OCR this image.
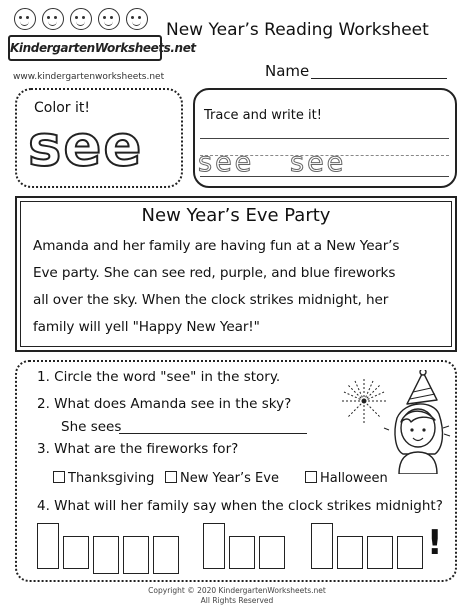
KindergartenWorksheets.net
www.kindergartenworksheets.net
New Year’s Reading Worksheet
Name
Color it!
see	Trace and write it!
see see
New Year’s Eve Party
Amanda and her family are having fun at a New Year’s
Eve party. She can see red, purple, and blue fireworks
all over the sky. When the clock strikes midnight, her
family will yell "Happy New Year!"
1. Circle the word "see" in the story.
2. What does Amanda see in the sky?
She sees
3. What are the fireworks for?
Thanksgiving	New Year’s Eve	Halloween
4. What will her family say when the clock strikes midnight?
!
Copyright © 2020 KindergartenWorksheets.net
All Rights Reserved
